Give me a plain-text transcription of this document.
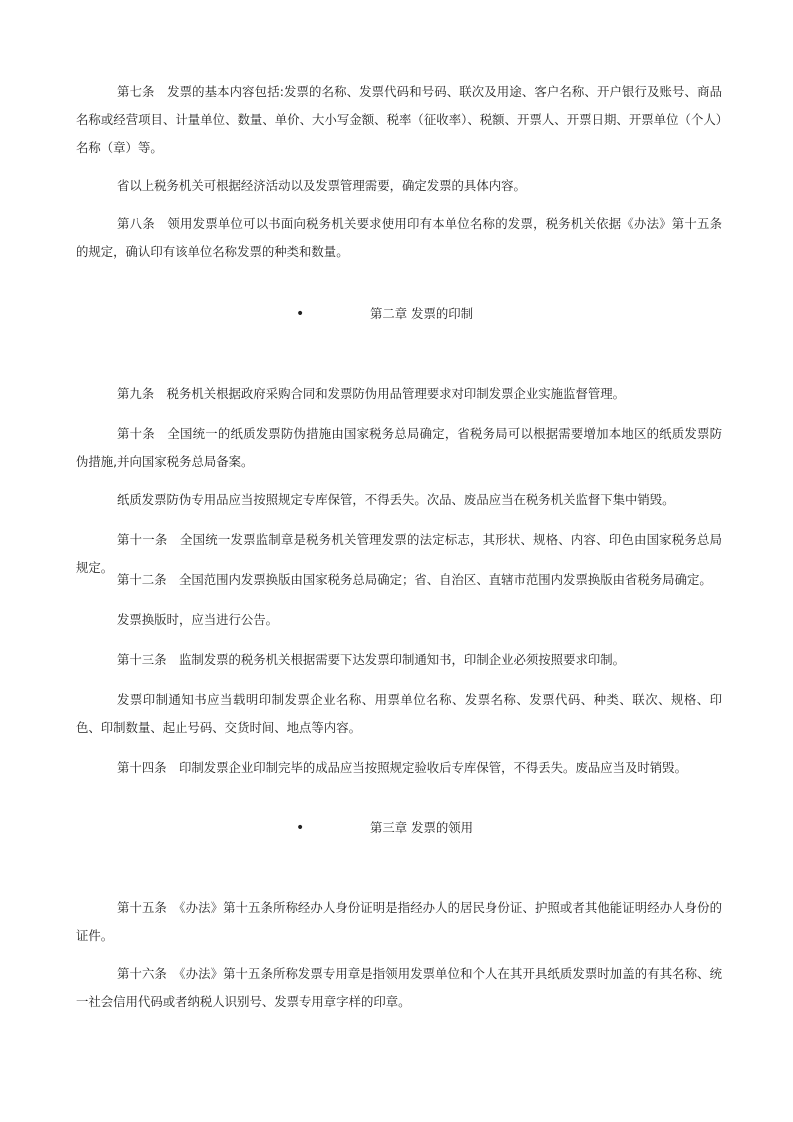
第七条　发票的基本内容包括:发票的名称、发票代码和号码、联次及用途、客户名称、开户银行及账号、商品名称或经营项目、计量单位、数量、单价、大小写金额、税率（征收率）、税额、开票人、开票日期、开票单位（个人）名称（章）等。

省以上税务机关可根据经济活动以及发票管理需要，确定发票的具体内容。

第八条　领用发票单位可以书面向税务机关要求使用印有本单位名称的发票，税务机关依据《办法》第十五条的规定，确认印有该单位名称发票的种类和数量。

•	第二章 发票的印制

第九条　税务机关根据政府采购合同和发票防伪用品管理要求对印制发票企业实施监督管理。

第十条　全国统一的纸质发票防伪措施由国家税务总局确定，省税务局可以根据需要增加本地区的纸质发票防伪措施,并向国家税务总局备案。

纸质发票防伪专用品应当按照规定专库保管，不得丢失。次品、废品应当在税务机关监督下集中销毁。

第十一条　全国统一发票监制章是税务机关管理发票的法定标志，其形状、规格、内容、印色由国家税务总局规定。

第十二条　全国范围内发票换版由国家税务总局确定；省、自治区、直辖市范围内发票换版由省税务局确定。

发票换版时，应当进行公告。

第十三条　监制发票的税务机关根据需要下达发票印制通知书，印制企业必须按照要求印制。

发票印制通知书应当载明印制发票企业名称、用票单位名称、发票名称、发票代码、种类、联次、规格、印色、印制数量、起止号码、交货时间、地点等内容。

第十四条　印制发票企业印制完毕的成品应当按照规定验收后专库保管，不得丢失。废品应当及时销毁。

•	第三章 发票的领用

第十五条　《办法》第十五条所称经办人身份证明是指经办人的居民身份证、护照或者其他能证明经办人身份的证件。

第十六条　《办法》第十五条所称发票专用章是指领用发票单位和个人在其开具纸质发票时加盖的有其名称、统一社会信用代码或者纳税人识别号、发票专用章字样的印章。
